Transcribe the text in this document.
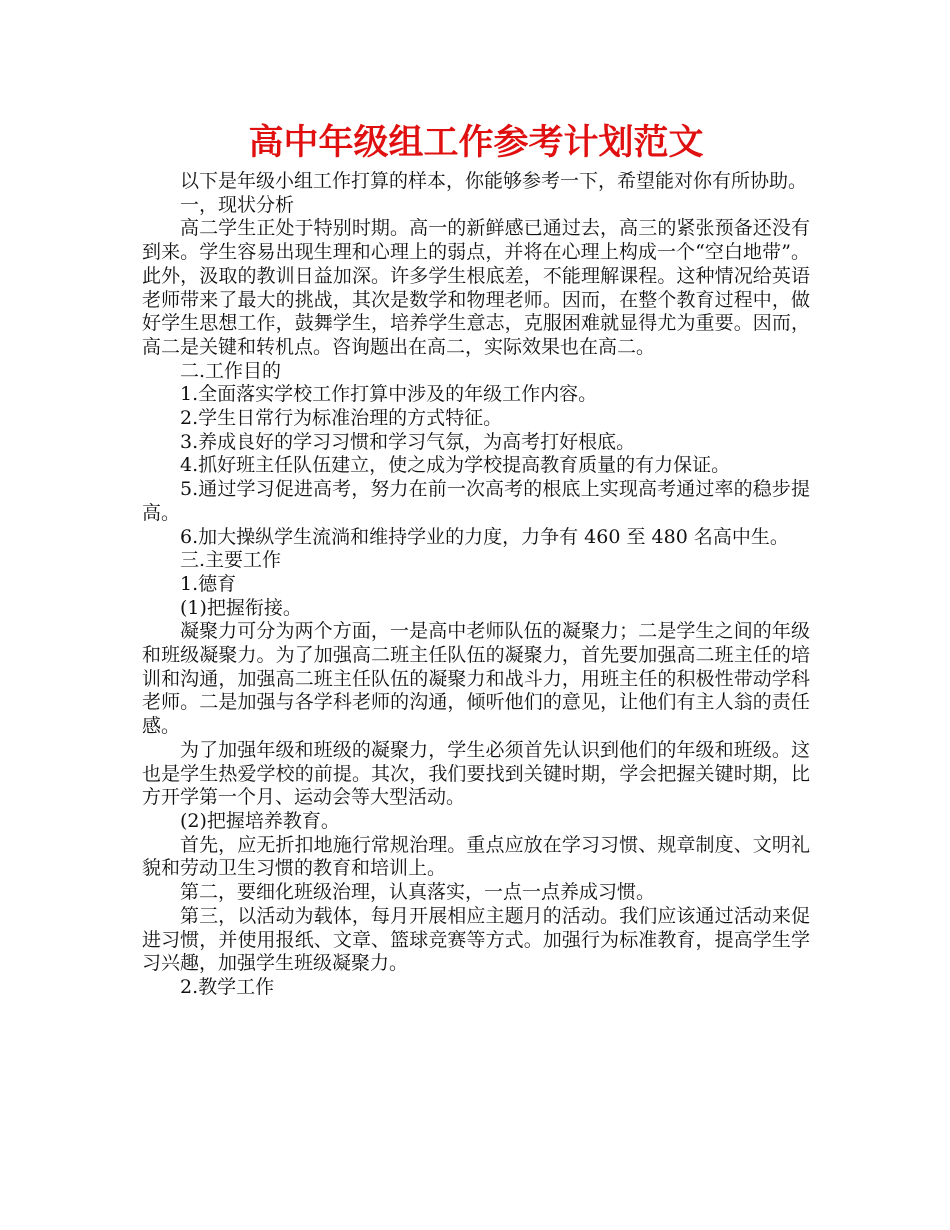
高中年级组工作参考计划范文

以下是年级小组工作打算的样本，你能够参考一下，希望能对你有所协助。

一，现状分析

高二学生正处于特别时期。高一的新鲜感已通过去，高三的紧张预备还没有到来。学生容易出现生理和心理上的弱点，并将在心理上构成一个“空白地带”。此外，汲取的教训日益加深。许多学生根底差，不能理解课程。这种情况给英语老师带来了最大的挑战，其次是数学和物理老师。因而，在整个教育过程中，做好学生思想工作，鼓舞学生，培养学生意志，克服困难就显得尤为重要。因而，高二是关键和转机点。咨询题出在高二，实际效果也在高二。

二.工作目的

1.全面落实学校工作打算中涉及的年级工作内容。

2.学生日常行为标准治理的方式特征。

3.养成良好的学习习惯和学习气氛，为高考打好根底。

4.抓好班主任队伍建立，使之成为学校提高教育质量的有力保证。

5.通过学习促进高考，努力在前一次高考的根底上实现高考通过率的稳步提高。

6.加大操纵学生流淌和维持学业的力度，力争有 460 至 480 名高中生。

三.主要工作

1.德育

(1)把握衔接。

凝聚力可分为两个方面，一是高中老师队伍的凝聚力；二是学生之间的年级和班级凝聚力。为了加强高二班主任队伍的凝聚力，首先要加强高二班主任的培训和沟通，加强高二班主任队伍的凝聚力和战斗力，用班主任的积极性带动学科老师。二是加强与各学科老师的沟通，倾听他们的意见，让他们有主人翁的责任感。

为了加强年级和班级的凝聚力，学生必须首先认识到他们的年级和班级。这也是学生热爱学校的前提。其次，我们要找到关键时期，学会把握关键时期，比方开学第一个月、运动会等大型活动。

(2)把握培养教育。

首先，应无折扣地施行常规治理。重点应放在学习习惯、规章制度、文明礼貌和劳动卫生习惯的教育和培训上。

第二，要细化班级治理，认真落实，一点一点养成习惯。

第三，以活动为载体，每月开展相应主题月的活动。我们应该通过活动来促进习惯，并使用报纸、文章、篮球竞赛等方式。加强行为标准教育，提高学生学习兴趣，加强学生班级凝聚力。

2.教学工作
